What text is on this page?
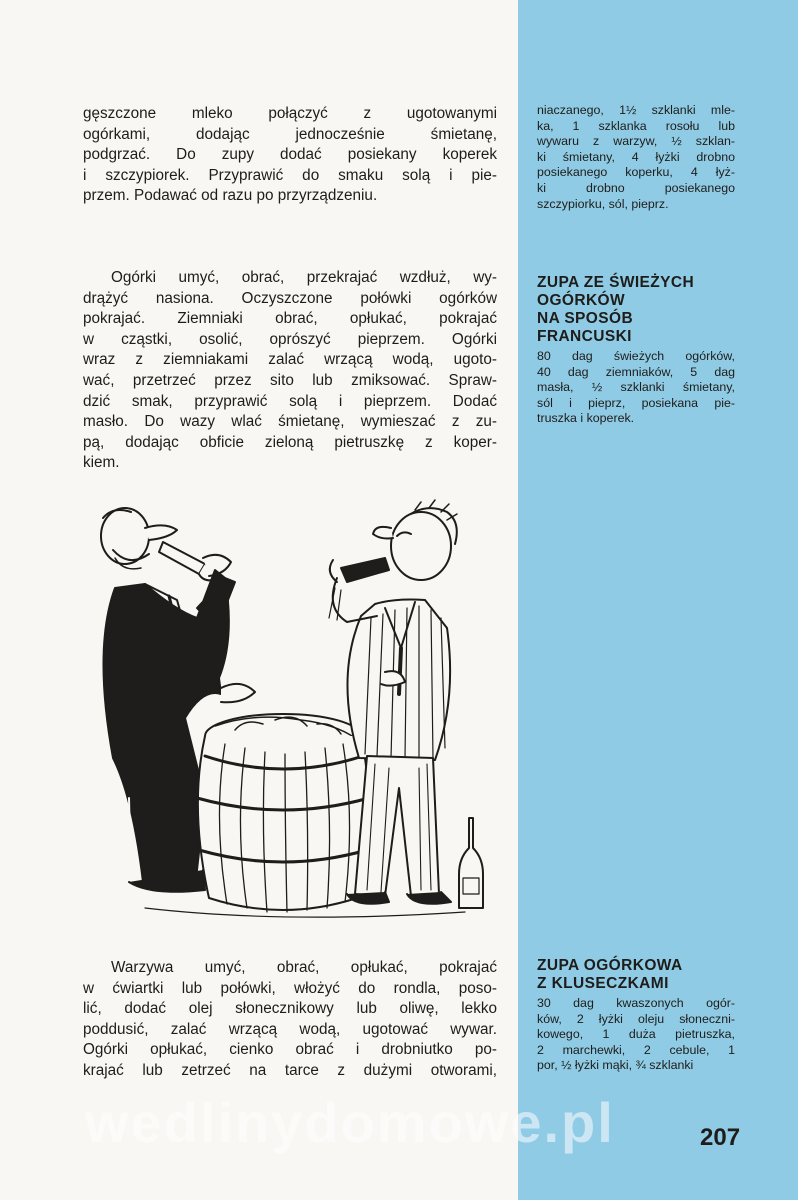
gęszczone mleko połączyć z ugotowanymi
ogórkami, dodając jednocześnie śmietanę,
podgrzać. Do zupy dodać posiekany koperek
i szczypiorek. Przyprawić do smaku solą i pie-
przem. Podawać od razu po przyrządzeniu.
Ogórki umyć, obrać, przekrajać wzdłuż, wy-
drążyć nasiona. Oczyszczone połówki ogórków
pokrajać. Ziemniaki obrać, opłukać, pokrajać
w cząstki, osolić, oprószyć pieprzem. Ogórki
wraz z ziemniakami zalać wrzącą wodą, ugoto-
wać, przetrzeć przez sito lub zmiksować. Spraw-
dzić smak, przyprawić solą i pieprzem. Dodać
masło. Do wazy wlać śmietanę, wymieszać z zu-
pą, dodając obficie zieloną pietruszkę z koper-
kiem.
Warzywa umyć, obrać, opłukać, pokrajać
w ćwiartki lub połówki, włożyć do rondla, poso-
lić, dodać olej słonecznikowy lub oliwę, lekko
poddusić, zalać wrzącą wodą, ugotować wywar.
Ogórki opłukać, cienko obrać i drobniutko po-
krajać lub zetrzeć na tarce z dużymi otworami,
niaczanego, 1½ szklanki mle-
ka, 1 szklanka rosołu lub
wywaru z warzyw, ½ szklan-
ki śmietany, 4 łyżki drobno
posiekanego koperku, 4 łyż-
ki drobno posiekanego
szczypiorku, sól, pieprz.
ZUPA ZE ŚWIEŻYCH
OGÓRKÓW
NA SPOSÓB
FRANCUSKI
80 dag świeżych ogórków,
40 dag ziemniaków, 5 dag
masła, ½ szklanki śmietany,
sól i pieprz, posiekana pie-
truszka i koperek.
ZUPA OGÓRKOWA
Z KLUSECZKAMI
30 dag kwaszonych ogór-
ków, 2 łyżki oleju słoneczni-
kowego, 1 duża pietruszka,
2 marchewki, 2 cebule, 1
por, ½ łyżki mąki, ¾ szklanki
wedlinydomowe.pl	207
